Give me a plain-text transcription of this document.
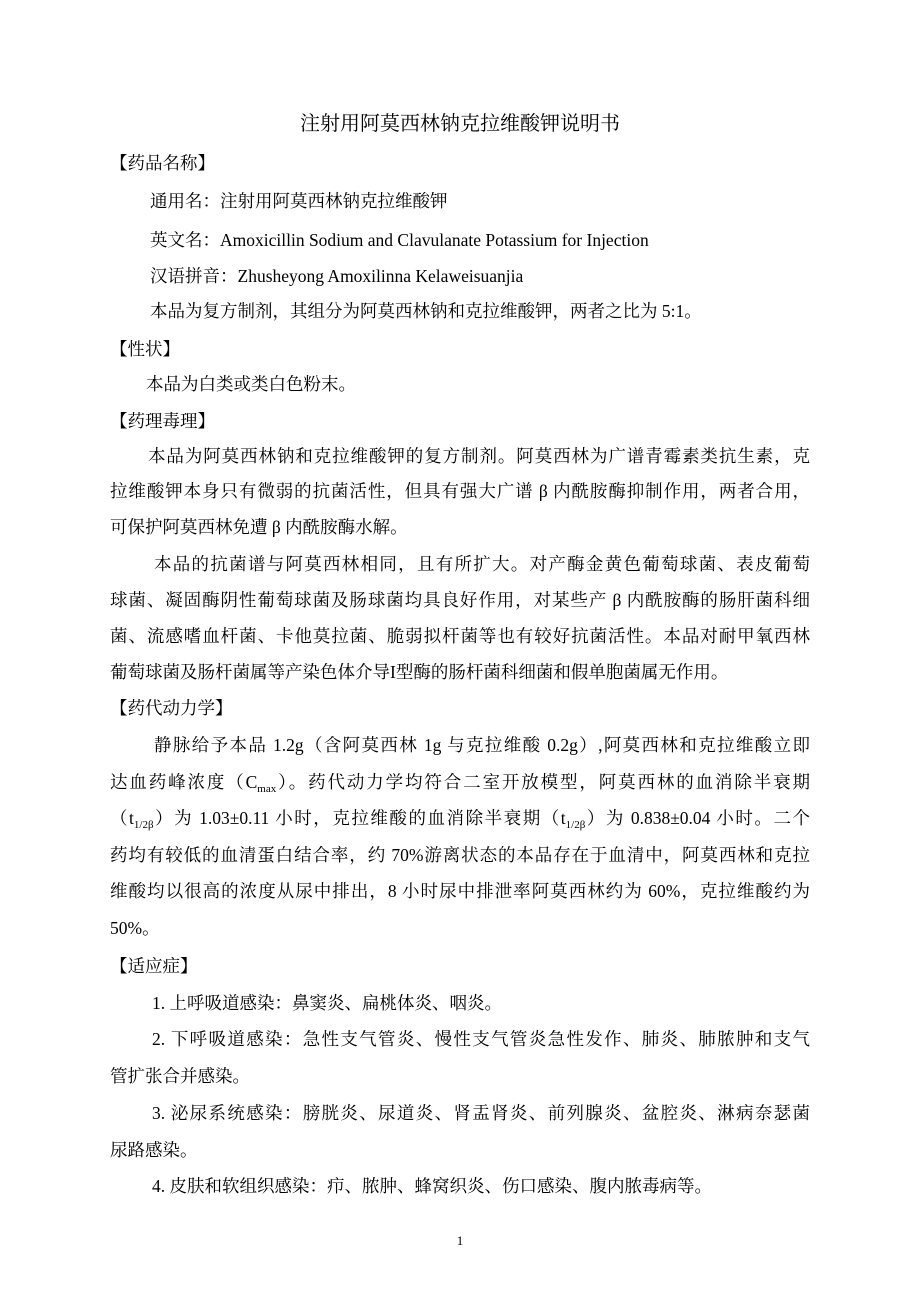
注射用阿莫西林钠克拉维酸钾说明书
【药品名称】
通用名：注射用阿莫西林钠克拉维酸钾
英文名：Amoxicillin Sodium and Clavulanate Potassium for Injection
汉语拼音：Zhusheyong Amoxilinna Kelaweisuanjia
本品为复方制剂，其组分为阿莫西林钠和克拉维酸钾，两者之比为 5:1。
【性状】
本品为白类或类白色粉末。
【药理毒理】
本品为阿莫西林钠和克拉维酸钾的复方制剂。阿莫西林为广谱青霉素类抗生素，克
拉维酸钾本身只有微弱的抗菌活性，但具有强大广谱 β 内酰胺酶抑制作用，两者合用，
可保护阿莫西林免遭 β 内酰胺酶水解。
本品的抗菌谱与阿莫西林相同，且有所扩大。对产酶金黄色葡萄球菌、表皮葡萄
球菌、凝固酶阴性葡萄球菌及肠球菌均具良好作用，对某些产 β 内酰胺酶的肠肝菌科细
菌、流感嗜血杆菌、卡他莫拉菌、脆弱拟杆菌等也有较好抗菌活性。本品对耐甲氧西林
葡萄球菌及肠杆菌属等产染色体介导I型酶的肠杆菌科细菌和假单胞菌属无作用。
【药代动力学】
静脉给予本品 1.2g（含阿莫西林 1g 与克拉维酸 0.2g）,阿莫西林和克拉维酸立即
达血药峰浓度$(C_{max})$。药代动力学均符合二室开放模型，阿莫西林的血消除半衰期
$(t_{1/2\beta})$为 1.03±0.11 小时，克拉维酸的血消除半衰期$(t_{1/2\beta})$为 0.838±0.04 小时。二个
药均有较低的血清蛋白结合率，约 70%游离状态的本品存在于血清中，阿莫西林和克拉
维酸均以很高的浓度从尿中排出，8 小时尿中排泄率阿莫西林约为 60%，克拉维酸约为
50%。
【适应症】
1. 上呼吸道感染：鼻窦炎、扁桃体炎、咽炎。
2. 下呼吸道感染：急性支气管炎、慢性支气管炎急性发作、肺炎、肺脓肿和支气
管扩张合并感染。
3. 泌尿系统感染：膀胱炎、尿道炎、肾盂肾炎、前列腺炎、盆腔炎、淋病奈瑟菌
尿路感染。
4. 皮肤和软组织感染：疖、脓肿、蜂窝织炎、伤口感染、腹内脓毒病等。
1
